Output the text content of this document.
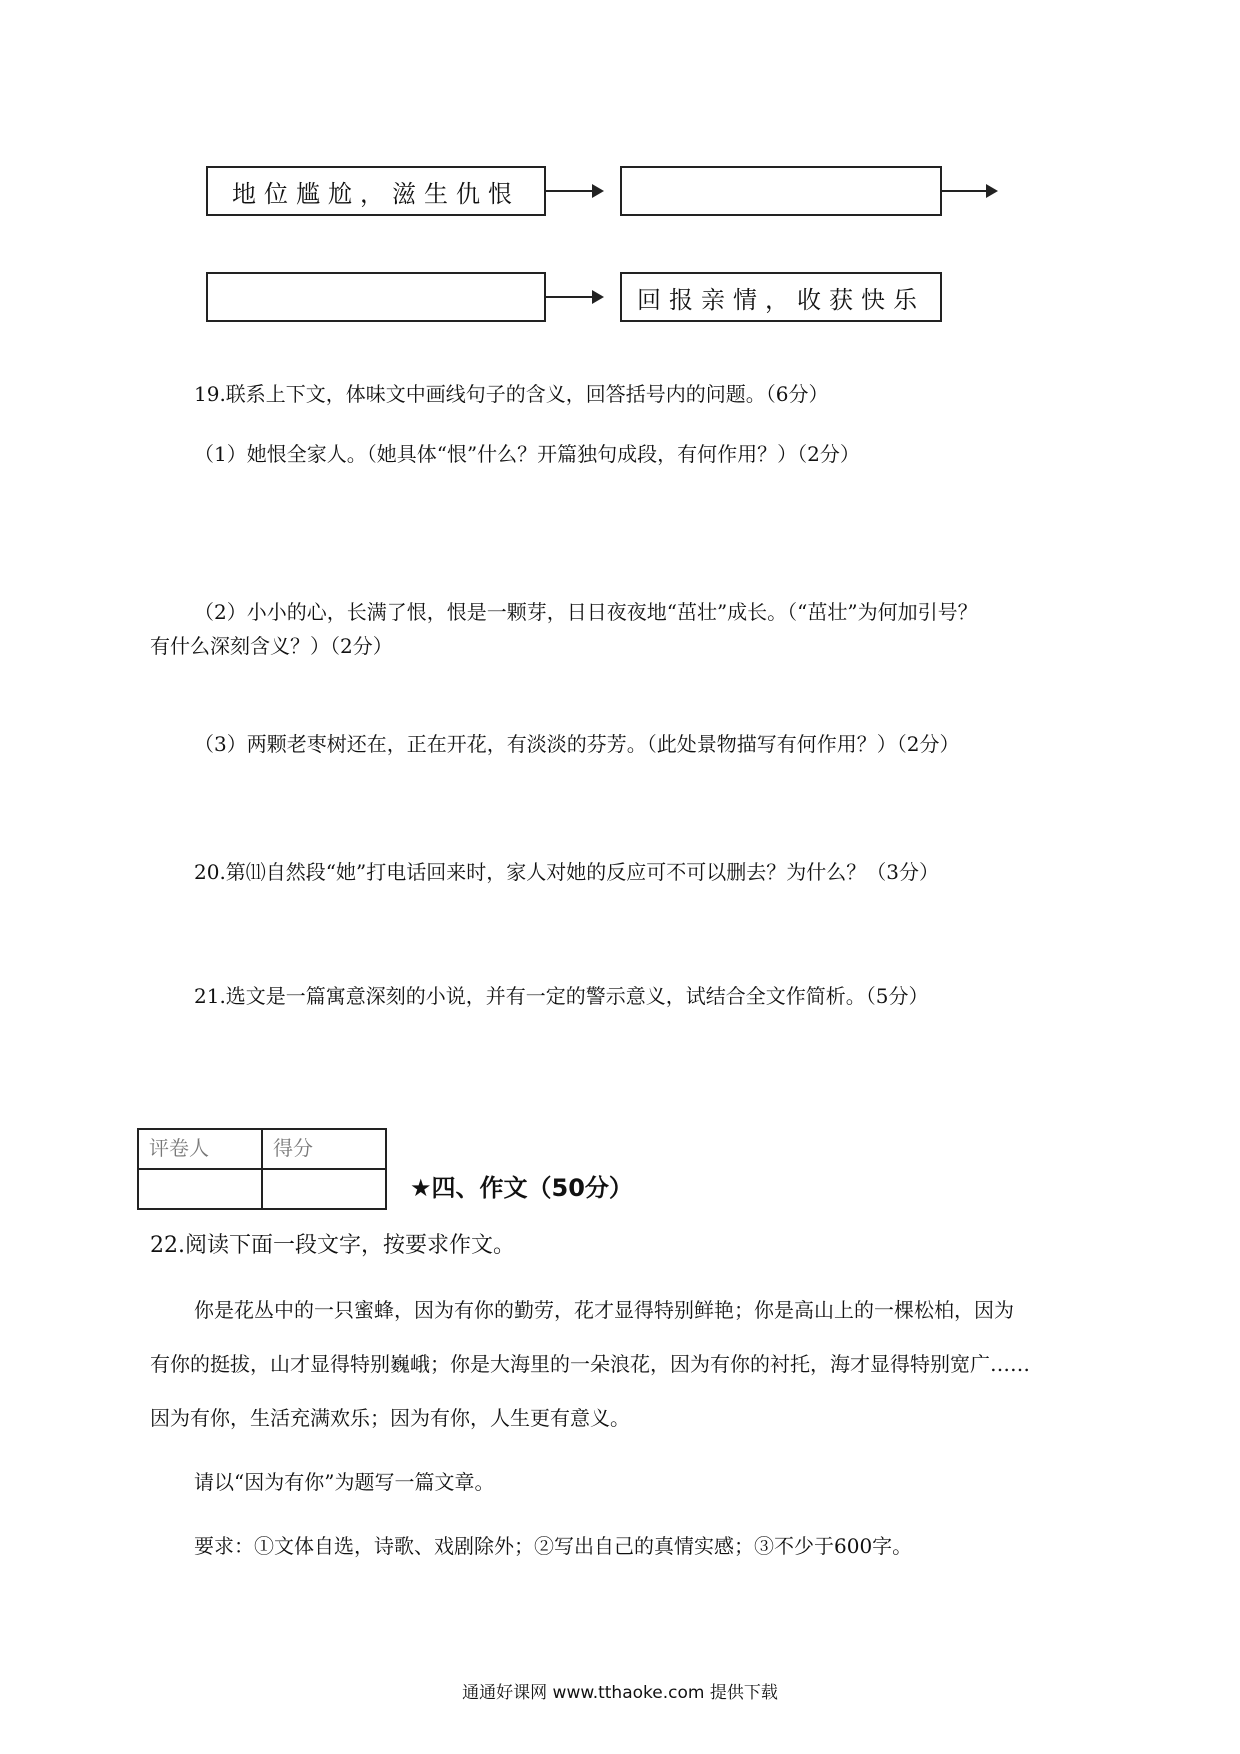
地位尴尬，滋生仇恨
回报亲情，收获快乐
19.联系上下文，体味文中画线句子的含义，回答括号内的问题。（6分）
（1）她恨全家人。（她具体“恨”什么？开篇独句成段，有何作用？）（2分）
（2）小小的心，长满了恨，恨是一颗芽，日日夜夜地“茁壮”成长。（“茁壮”为何加引号？
有什么深刻含义？）（2分）
（3）两颗老枣树还在，正在开花，有淡淡的芬芳。（此处景物描写有何作用？）（2分）
20.第⑾自然段“她”打电话回来时，家人对她的反应可不可以删去？为什么？（3分）
21.选文是一篇寓意深刻的小说，并有一定的警示意义，试结合全文作简析。（5分）
评卷人	得分

★四、作文（50分）
22.阅读下面一段文字，按要求作文。
你是花丛中的一只蜜蜂，因为有你的勤劳，花才显得特别鲜艳；你是高山上的一棵松柏，因为
有你的挺拔，山才显得特别巍峨；你是大海里的一朵浪花，因为有你的衬托，海才显得特别宽广……
因为有你，生活充满欢乐；因为有你，人生更有意义。
请以“因为有你”为题写一篇文章。
要求：①文体自选，诗歌、戏剧除外；②写出自己的真情实感；③不少于600字。
通通好课网 www.tthaoke.com 提供下载
